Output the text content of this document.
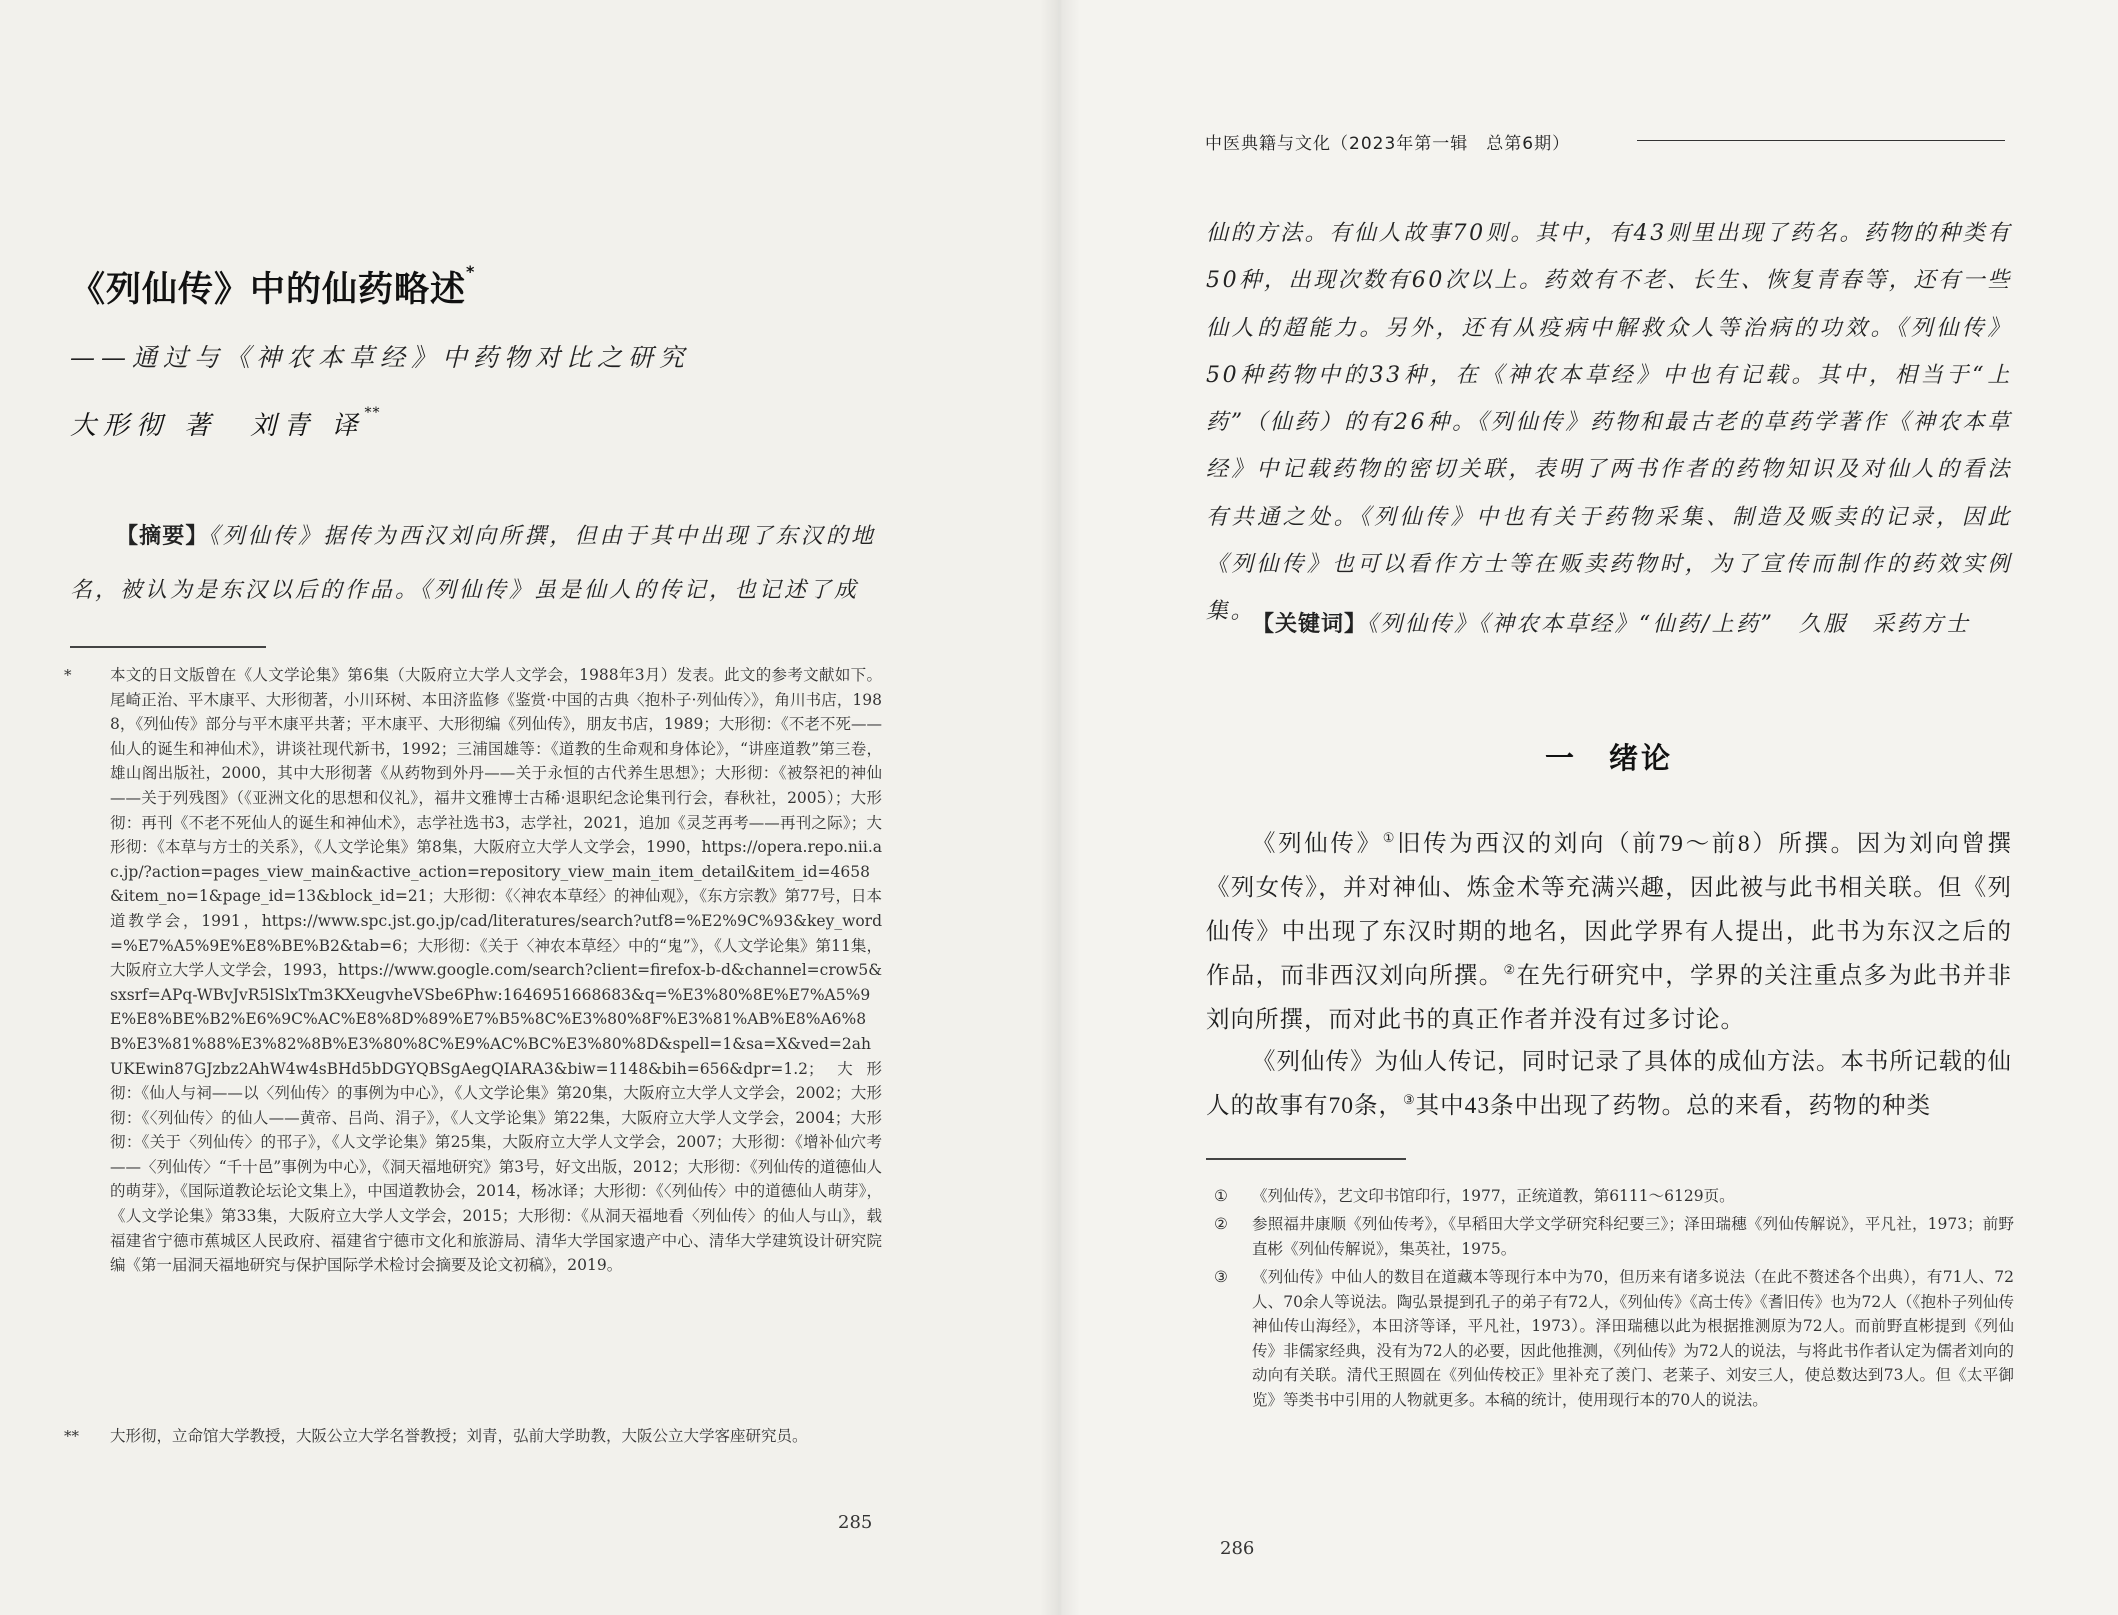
《列仙传》中的仙药略述*
——通过与《神农本草经》中药物对比之研究
大形彻 著　刘青 译**

【摘要】《列仙传》据传为西汉刘向所撰，但由于其中出现了东汉的地名，被认为是东汉以后的作品。《列仙传》虽是仙人的传记，也记述了成

*	本文的日文版曾在《人文学论集》第6集（大阪府立大学人文学会，1988年3月）发表。此文的参考文献如下。尾崎正治、平木康平、大形彻著，小川环树、本田济监修《鉴赏·中国的古典〈抱朴子·列仙传〉》，角川书店，1988，《列仙传》部分与平木康平共著；平木康平、大形彻编《列仙传》，朋友书店，1989；大形彻：《不老不死——仙人的诞生和神仙术》，讲谈社现代新书，1992；三浦国雄等：《道教的生命观和身体论》，“讲座道教”第三卷，雄山阁出版社，2000，其中大形彻著《从药物到外丹——关于永恒的古代养生思想》；大形彻：《被祭祀的神仙——关于列残图》（《亚洲文化的思想和仪礼》，福井文雅博士古稀·退职纪念论集刊行会，春秋社，2005）；大形彻：再刊《不老不死仙人的诞生和神仙术》，志学社选书3，志学社，2021，追加《灵芝再考——再刊之际》；大形彻：《本草与方士的关系》，《人文学论集》第8集，大阪府立大学人文学会，1990，https://opera.repo.nii.ac.jp/?action=pages_view_main&active_action=repository_view_main_item_detail&item_id=4658&item_no=1&page_id=13&block_id=21；大形彻：《〈神农本草经〉的神仙观》，《东方宗教》第77号，日本道教学会，1991，https://www.spc.jst.go.jp/cad/literatures/search?utf8=%E2%9C%93&key_word=%E7%A5%9E%E8%BE%B2&tab=6；大形彻：《关于〈神农本草经〉中的“鬼”》，《人文学论集》第11集，大阪府立大学人文学会，1993，https://www.google.com/search?client=firefox-b-d&channel=crow5&sxsrf=APq-WBvJvR5lSlxTm3KXeugvheVSbe6Phw:1646951668683&q=%E3%80%8E%E7%A5%9E%E8%BE%B2%E6%9C%AC%E8%8D%89%E7%B5%8C%E3%80%8F%E3%81%AB%E8%A6%8B%E3%81%88%E3%82%8B%E3%80%8C%E9%AC%BC%E3%80%8D&spell=1&sa=X&ved=2ahUKEwin87GJzbz2AhW4w4sBHd5bDGYQBSgAegQIARA3&biw=1148&bih=656&dpr=1.2；大形彻：《仙人与祠——以〈列仙传〉的事例为中心》，《人文学论集》第20集，大阪府立大学人文学会，2002；大形彻：《〈列仙传〉的仙人——黄帝、吕尚、涓子》，《人文学论集》第22集，大阪府立大学人文学会，2004；大形彻：《关于〈列仙传〉的邗子》，《人文学论集》第25集，大阪府立大学人文学会，2007；大形彻：《增补仙穴考——〈列仙传〉“千十邑”事例为中心》，《洞天福地研究》第3号，好文出版，2012；大形彻：《列仙传的道德仙人的萌芽》，《国际道教论坛论文集上》，中国道教协会，2014，杨冰译；大形彻：《〈列仙传〉中的道德仙人萌芽》，《人文学论集》第33集，大阪府立大学人文学会，2015；大形彻：《从洞天福地看〈列仙传〉的仙人与山》，载福建省宁德市蕉城区人民政府、福建省宁德市文化和旅游局、清华大学国家遗产中心、清华大学建筑设计研究院编《第一届洞天福地研究与保护国际学术检讨会摘要及论文初稿》，2019。

**	大形彻，立命馆大学教授，大阪公立大学名誉教授；刘青，弘前大学助教，大阪公立大学客座研究员。

285
中医典籍与文化（2023年第一辑　总第6期）

仙的方法。有仙人故事70则。其中，有43则里出现了药名。药物的种类有50种，出现次数有60次以上。药效有不老、长生、恢复青春等，还有一些仙人的超能力。另外，还有从疫病中解救众人等治病的功效。《列仙传》50种药物中的33种，在《神农本草经》中也有记载。其中，相当于“上药”（仙药）的有26种。《列仙传》药物和最古老的草药学著作《神农本草经》中记载药物的密切关联，表明了两书作者的药物知识及对仙人的看法有共通之处。《列仙传》中也有关于药物采集、制造及贩卖的记录，因此《列仙传》也可以看作方士等在贩卖药物时，为了宣传而制作的药效实例集。

【关键词】《列仙传》《神农本草经》“仙药/上药”　久服　采药方士
一　绪论

《列仙传》①旧传为西汉的刘向（前79～前8）所撰。因为刘向曾撰《列女传》，并对神仙、炼金术等充满兴趣，因此被与此书相关联。但《列仙传》中出现了东汉时期的地名，因此学界有人提出，此书为东汉之后的作品，而非西汉刘向所撰。②在先行研究中，学界的关注重点多为此书并非刘向所撰，而对此书的真正作者并没有过多讨论。

《列仙传》为仙人传记，同时记录了具体的成仙方法。本书所记载的仙人的故事有70条，③其中43条中出现了药物。总的来看，药物的种类

①	《列仙传》，艺文印书馆印行，1977，正统道教，第6111～6129页。

②	参照福井康顺《列仙传考》，《早稻田大学文学研究科纪要三》；泽田瑞穗《列仙传解说》，平凡社，1973；前野直彬《列仙传解说》，集英社，1975。

③	《列仙传》中仙人的数目在道藏本等现行本中为70，但历来有诸多说法（在此不赘述各个出典），有71人、72人、70余人等说法。陶弘景提到孔子的弟子有72人，《列仙传》《高士传》《耆旧传》也为72人（《抱朴子列仙传神仙传山海经》，本田济等译，平凡社，1973）。泽田瑞穗以此为根据推测原为72人。而前野直彬提到《列仙传》非儒家经典，没有为72人的必要，因此他推测，《列仙传》为72人的说法，与将此书作者认定为儒者刘向的动向有关联。清代王照圆在《列仙传校正》里补充了羡门、老莱子、刘安三人，使总数达到73人。但《太平御览》等类书中引用的人物就更多。本稿的统计，使用现行本的70人的说法。

286
